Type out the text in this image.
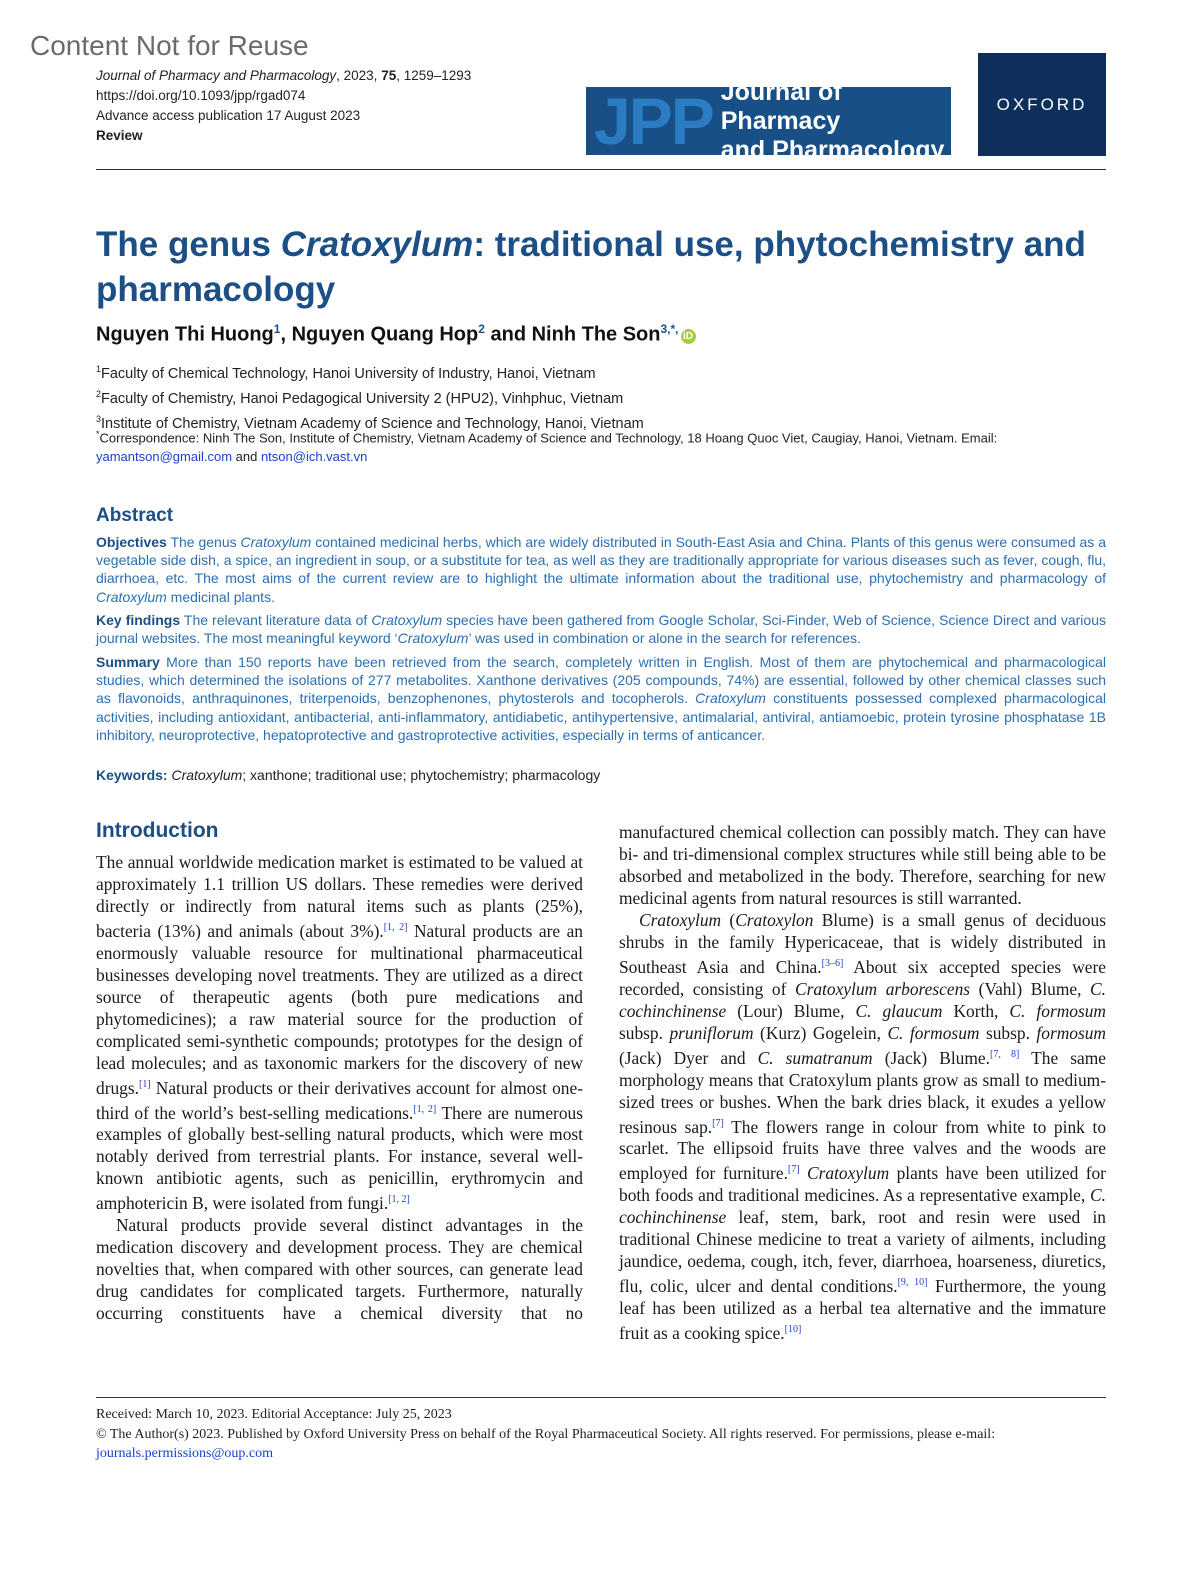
Content Not for Reuse
Journal of Pharmacy and Pharmacology, 2023, 75, 1259–1293
https://doi.org/10.1093/jpp/rgad074
Advance access publication 17 August 2023
Review	JPP Journal of Pharmacy
and Pharmacology
OXFORD
The genus Cratoxylum: traditional use, phytochemistry and pharmacology
Nguyen Thi Huong$^1$, Nguyen Quang Hop$^2$ and Ninh The Son$^{3,*,}$iD
$^1$Faculty of Chemical Technology, Hanoi University of Industry, Hanoi, Vietnam
$^2$Faculty of Chemistry, Hanoi Pedagogical University 2 (HPU2), Vinhphuc, Vietnam
$^3$Institute of Chemistry, Vietnam Academy of Science and Technology, Hanoi, Vietnam
*Correspondence: Ninh The Son, Institute of Chemistry, Vietnam Academy of Science and Technology, 18 Hoang Quoc Viet, Caugiay, Hanoi, Vietnam. Email: yamantson@gmail.com and ntson@ich.vast.vn
Abstract

Objectives The genus Cratoxylum contained medicinal herbs, which are widely distributed in South-East Asia and China. Plants of this genus were consumed as a vegetable side dish, a spice, an ingredient in soup, or a substitute for tea, as well as they are traditionally appropriate for various diseases such as fever, cough, flu, diarrhoea, etc. The most aims of the current review are to highlight the ultimate information about the traditional use, phytochemistry and pharmacology of Cratoxylum medicinal plants.

Key findings The relevant literature data of Cratoxylum species have been gathered from Google Scholar, Sci-Finder, Web of Science, Science Direct and various journal websites. The most meaningful keyword ‘Cratoxylum’ was used in combination or alone in the search for references.

Summary More than 150 reports have been retrieved from the search, completely written in English. Most of them are phytochemical and pharmacological studies, which determined the isolations of 277 metabolites. Xanthone derivatives (205 compounds, 74%) are essential, followed by other chemical classes such as flavonoids, anthraquinones, triterpenoids, benzophenones, phytosterols and tocopherols. Cratoxylum constituents possessed complexed pharmacological activities, including antioxidant, antibacterial, anti-inflammatory, antidiabetic, antihypertensive, antimalarial, antiviral, antiamoebic, protein tyrosine phosphatase 1B inhibitory, neuroprotective, hepatoprotective and gastroprotective activities, especially in terms of anticancer.

Keywords: Cratoxylum; xanthone; traditional use; phytochemistry; pharmacology
Introduction

The annual worldwide medication market is estimated to be valued at approximately 1.1 trillion US dollars. These remedies were derived directly or indirectly from natural items such as plants (25%), bacteria (13%) and animals (about 3%).[1, 2] Natural products are an enormously valuable resource for multinational pharmaceutical businesses developing novel treatments. They are utilized as a direct source of therapeutic agents (both pure medications and phytomedicines); a raw material source for the production of complicated semi-synthetic compounds; prototypes for the design of lead molecules; and as taxonomic markers for the discovery of new drugs.[1] Natural products or their derivatives account for almost one-third of the world’s best-selling medications.[1, 2] There are numerous examples of globally best-selling natural products, which were most notably derived from terrestrial plants. For instance, several well-known antibiotic agents, such as penicillin, erythromycin and amphotericin B, were isolated from fungi.[1, 2]

Natural products provide several distinct advantages in the medication discovery and development process. They are chemical novelties that, when compared with other sources, can generate lead drug candidates for complicated targets. Furthermore, naturally occurring constituents have a chemical diversity that no

manufactured chemical collection can possibly match. They can have bi- and tri-dimensional complex structures while still being able to be absorbed and metabolized in the body. Therefore, searching for new medicinal agents from natural resources is still warranted.

Cratoxylum (Cratoxylon Blume) is a small genus of deciduous shrubs in the family Hypericaceae, that is widely distributed in Southeast Asia and China.[3–6] About six accepted species were recorded, consisting of Cratoxylum arborescens (Vahl) Blume, C. cochinchinense (Lour) Blume, C. glaucum Korth, C. formosum subsp. pruniflorum (Kurz) Gogelein, C. formosum subsp. formosum (Jack) Dyer and C. sumatranum (Jack) Blume.[7, 8] The same morphology means that Cratoxylum plants grow as small to medium-sized trees or bushes. When the bark dries black, it exudes a yellow resinous sap.[7] The flowers range in colour from white to pink to scarlet. The ellipsoid fruits have three valves and the woods are employed for furniture.[7] Cratoxylum plants have been utilized for both foods and traditional medicines. As a representative example, C. cochinchinense leaf, stem, bark, root and resin were used in traditional Chinese medicine to treat a variety of ailments, including jaundice, oedema, cough, itch, fever, diarrhoea, hoarseness, diuretics, flu, colic, ulcer and dental conditions.[9, 10] Furthermore, the young leaf has been utilized as a herbal tea alternative and the immature fruit as a cooking spice.[10]

Received: March 10, 2023. Editorial Acceptance: July 25, 2023
© The Author(s) 2023. Published by Oxford University Press on behalf of the Royal Pharmaceutical Society. All rights reserved. For permissions, please e-mail: journals.permissions@oup.com
